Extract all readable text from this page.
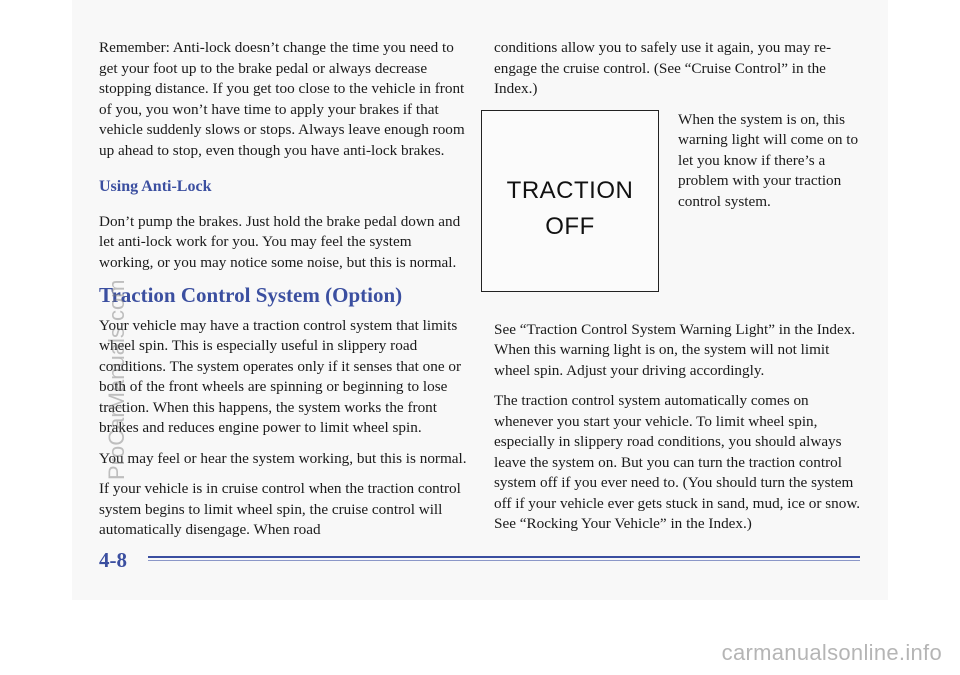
Remember: Anti-lock doesn’t change the time you need to get your foot up to the brake pedal or always decrease stopping distance. If you get too close to the vehicle in front of you, you won’t have time to apply your brakes if that vehicle suddenly slows or stops. Always leave enough room up ahead to stop, even though you have anti-lock brakes.

Using Anti-Lock

Don’t pump the brakes. Just hold the brake pedal down and let anti-lock work for you. You may feel the system working, or you may notice some noise, but this is normal.

Traction Control System (Option)

Your vehicle may have a traction control system that limits wheel spin. This is especially useful in slippery road conditions. The system operates only if it senses that one or both of the front wheels are spinning or beginning to lose traction. When this happens, the system works the front brakes and reduces engine power to limit wheel spin.

You may feel or hear the system working, but this is normal.

If your vehicle is in cruise control when the traction control system begins to limit wheel spin, the cruise control will automatically disengage. When road

conditions allow you to safely use it again, you may re-engage the cruise control. (See “Cruise Control” in the Index.)

TRACTION
OFF
When the system is on, this warning light will come on to let you know if there’s a problem with your traction control system.

See “Traction Control System Warning Light” in the Index. When this warning light is on, the system will not limit wheel spin. Adjust your driving accordingly.

The traction control system automatically comes on whenever you start your vehicle. To limit wheel spin, especially in slippery road conditions, you should always leave the system on. But you can turn the traction control system off if you ever need to. (You should turn the system off if your vehicle ever gets stuck in sand, mud, ice or snow. See “Rocking Your Vehicle” in the Index.)

4-8
ProCarManuals.com
carmanualsonline.info
